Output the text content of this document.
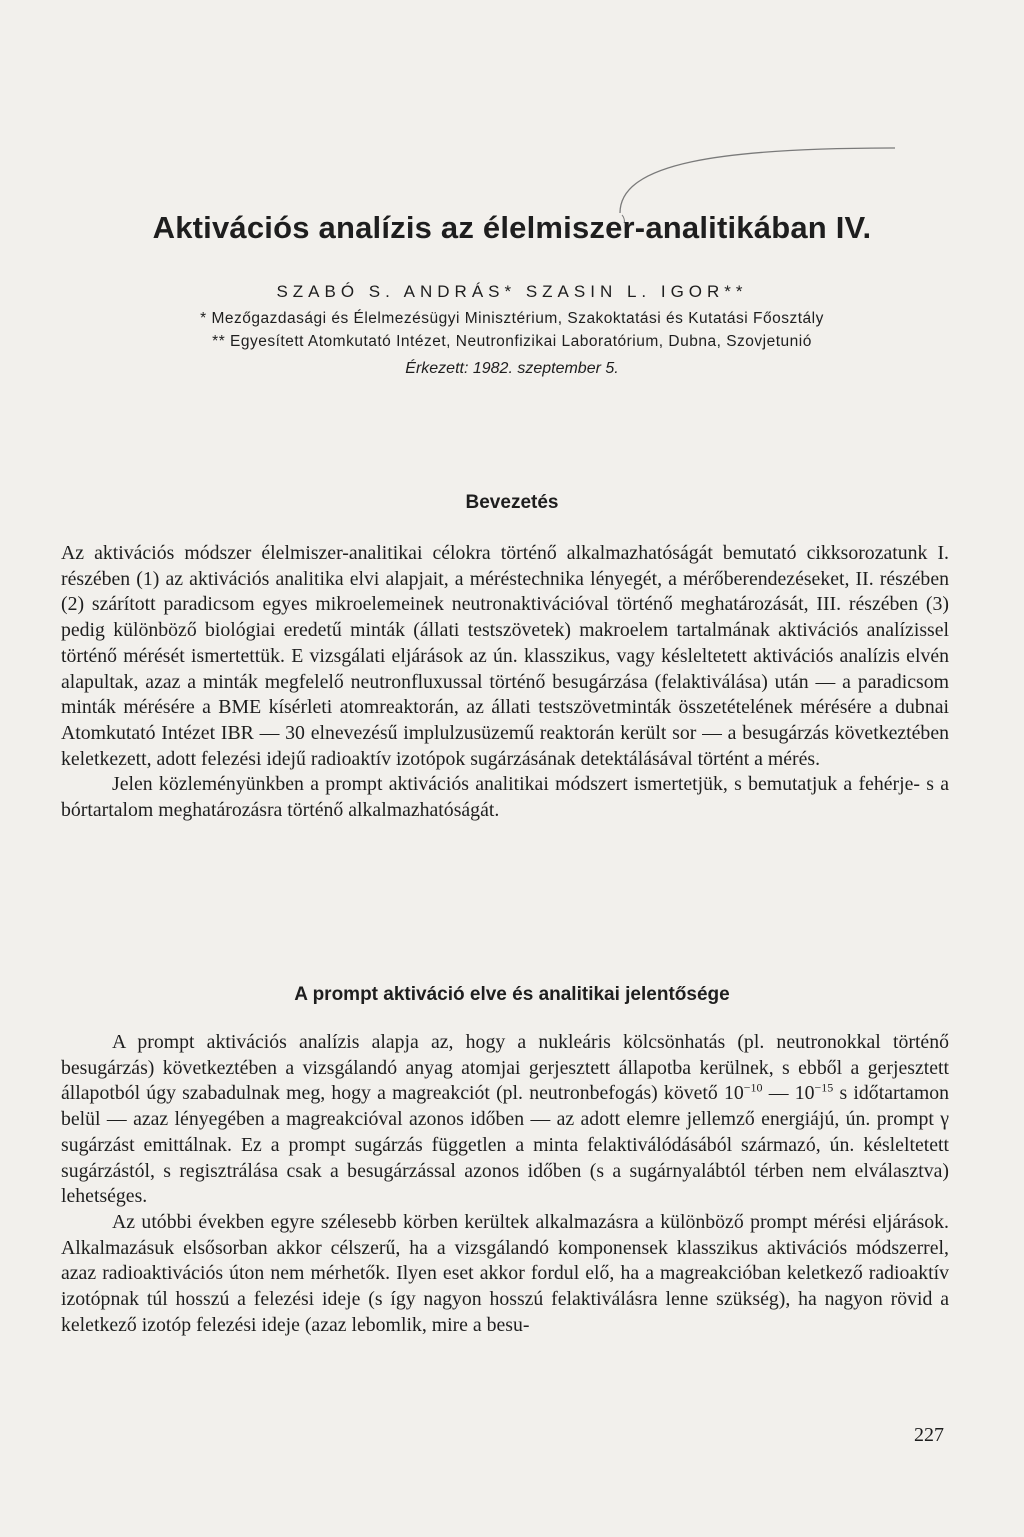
Aktivációs analízis az élelmiszer-analitikában IV.
SZABÓ S. ANDRÁS* SZASIN L. IGOR**
* Mezőgazdasági és Élelmezésügyi Minisztérium, Szakoktatási és Kutatási Főosztály
** Egyesített Atomkutató Intézet, Neutronfizikai Laboratórium, Dubna, Szovjetunió
Érkezett: 1982. szeptember 5.
Bevezetés

Az aktivációs módszer élelmiszer-analitikai célokra történő alkalmazhatóságát bemutató cikksorozatunk I. részében (1) az aktivációs analitika elvi alapjait, a méréstechnika lényegét, a mérőberendezéseket, II. részében (2) szárított paradicsom egyes mikroelemeinek neutronaktivációval történő meghatározását, III. részében (3) pedig különböző biológiai eredetű minták (állati testszövetek) makroelem tartalmának aktivációs analízissel történő mérését ismertettük. E vizsgálati eljárások az ún. klasszikus, vagy késleltetett aktivációs analízis elvén alapultak, azaz a minták megfelelő neutronfluxussal történő besugárzása (felaktiválása) után — a paradicsom minták mérésére a BME kísérleti atomreaktorán, az állati testszövetminták összetételének mérésére a dubnai Atomkutató Intézet IBR — 30 elnevezésű implulzusüzemű reaktorán került sor — a besugárzás következtében keletkezett, adott felezési idejű radioaktív izotópok sugárzásának detektálásával történt a mérés.

Jelen közleményünkben a prompt aktivációs analitikai módszert ismertetjük, s bemutatjuk a fehérje- s a bórtartalom meghatározásra történő alkalmazhatóságát.

A prompt aktiváció elve és analitikai jelentősége

A prompt aktivációs analízis alapja az, hogy a nukleáris kölcsönhatás (pl. neutronokkal történő besugárzás) következtében a vizsgálandó anyag atomjai gerjesztett állapotba kerülnek, s ebből a gerjesztett állapotból úgy szabadulnak meg, hogy a magreakciót (pl. neutronbefogás) követő $10^{-10}$ — $10^{-15}$ s időtartamon belül — azaz lényegében a magreakcióval azonos időben — az adott elemre jellemző energiájú, ún. prompt γ sugárzást emittálnak. Ez a prompt sugárzás független a minta felaktiválódásából származó, ún. késleltetett sugárzástól, s regisztrálása csak a besugárzással azonos időben (s a sugárnyalábtól térben nem elválasztva) lehetséges.

Az utóbbi években egyre szélesebb körben kerültek alkalmazásra a különböző prompt mérési eljárások. Alkalmazásuk elsősorban akkor célszerű, ha a vizsgálandó komponensek klasszikus aktivációs módszerrel, azaz radioaktivációs úton nem mérhetők. Ilyen eset akkor fordul elő, ha a magreakcióban keletkező radioaktív izotópnak túl hosszú a felezési ideje (s így nagyon hosszú felaktiválásra lenne szükség), ha nagyon rövid a keletkező izotóp felezési ideje (azaz lebomlik, mire a besu-

227
